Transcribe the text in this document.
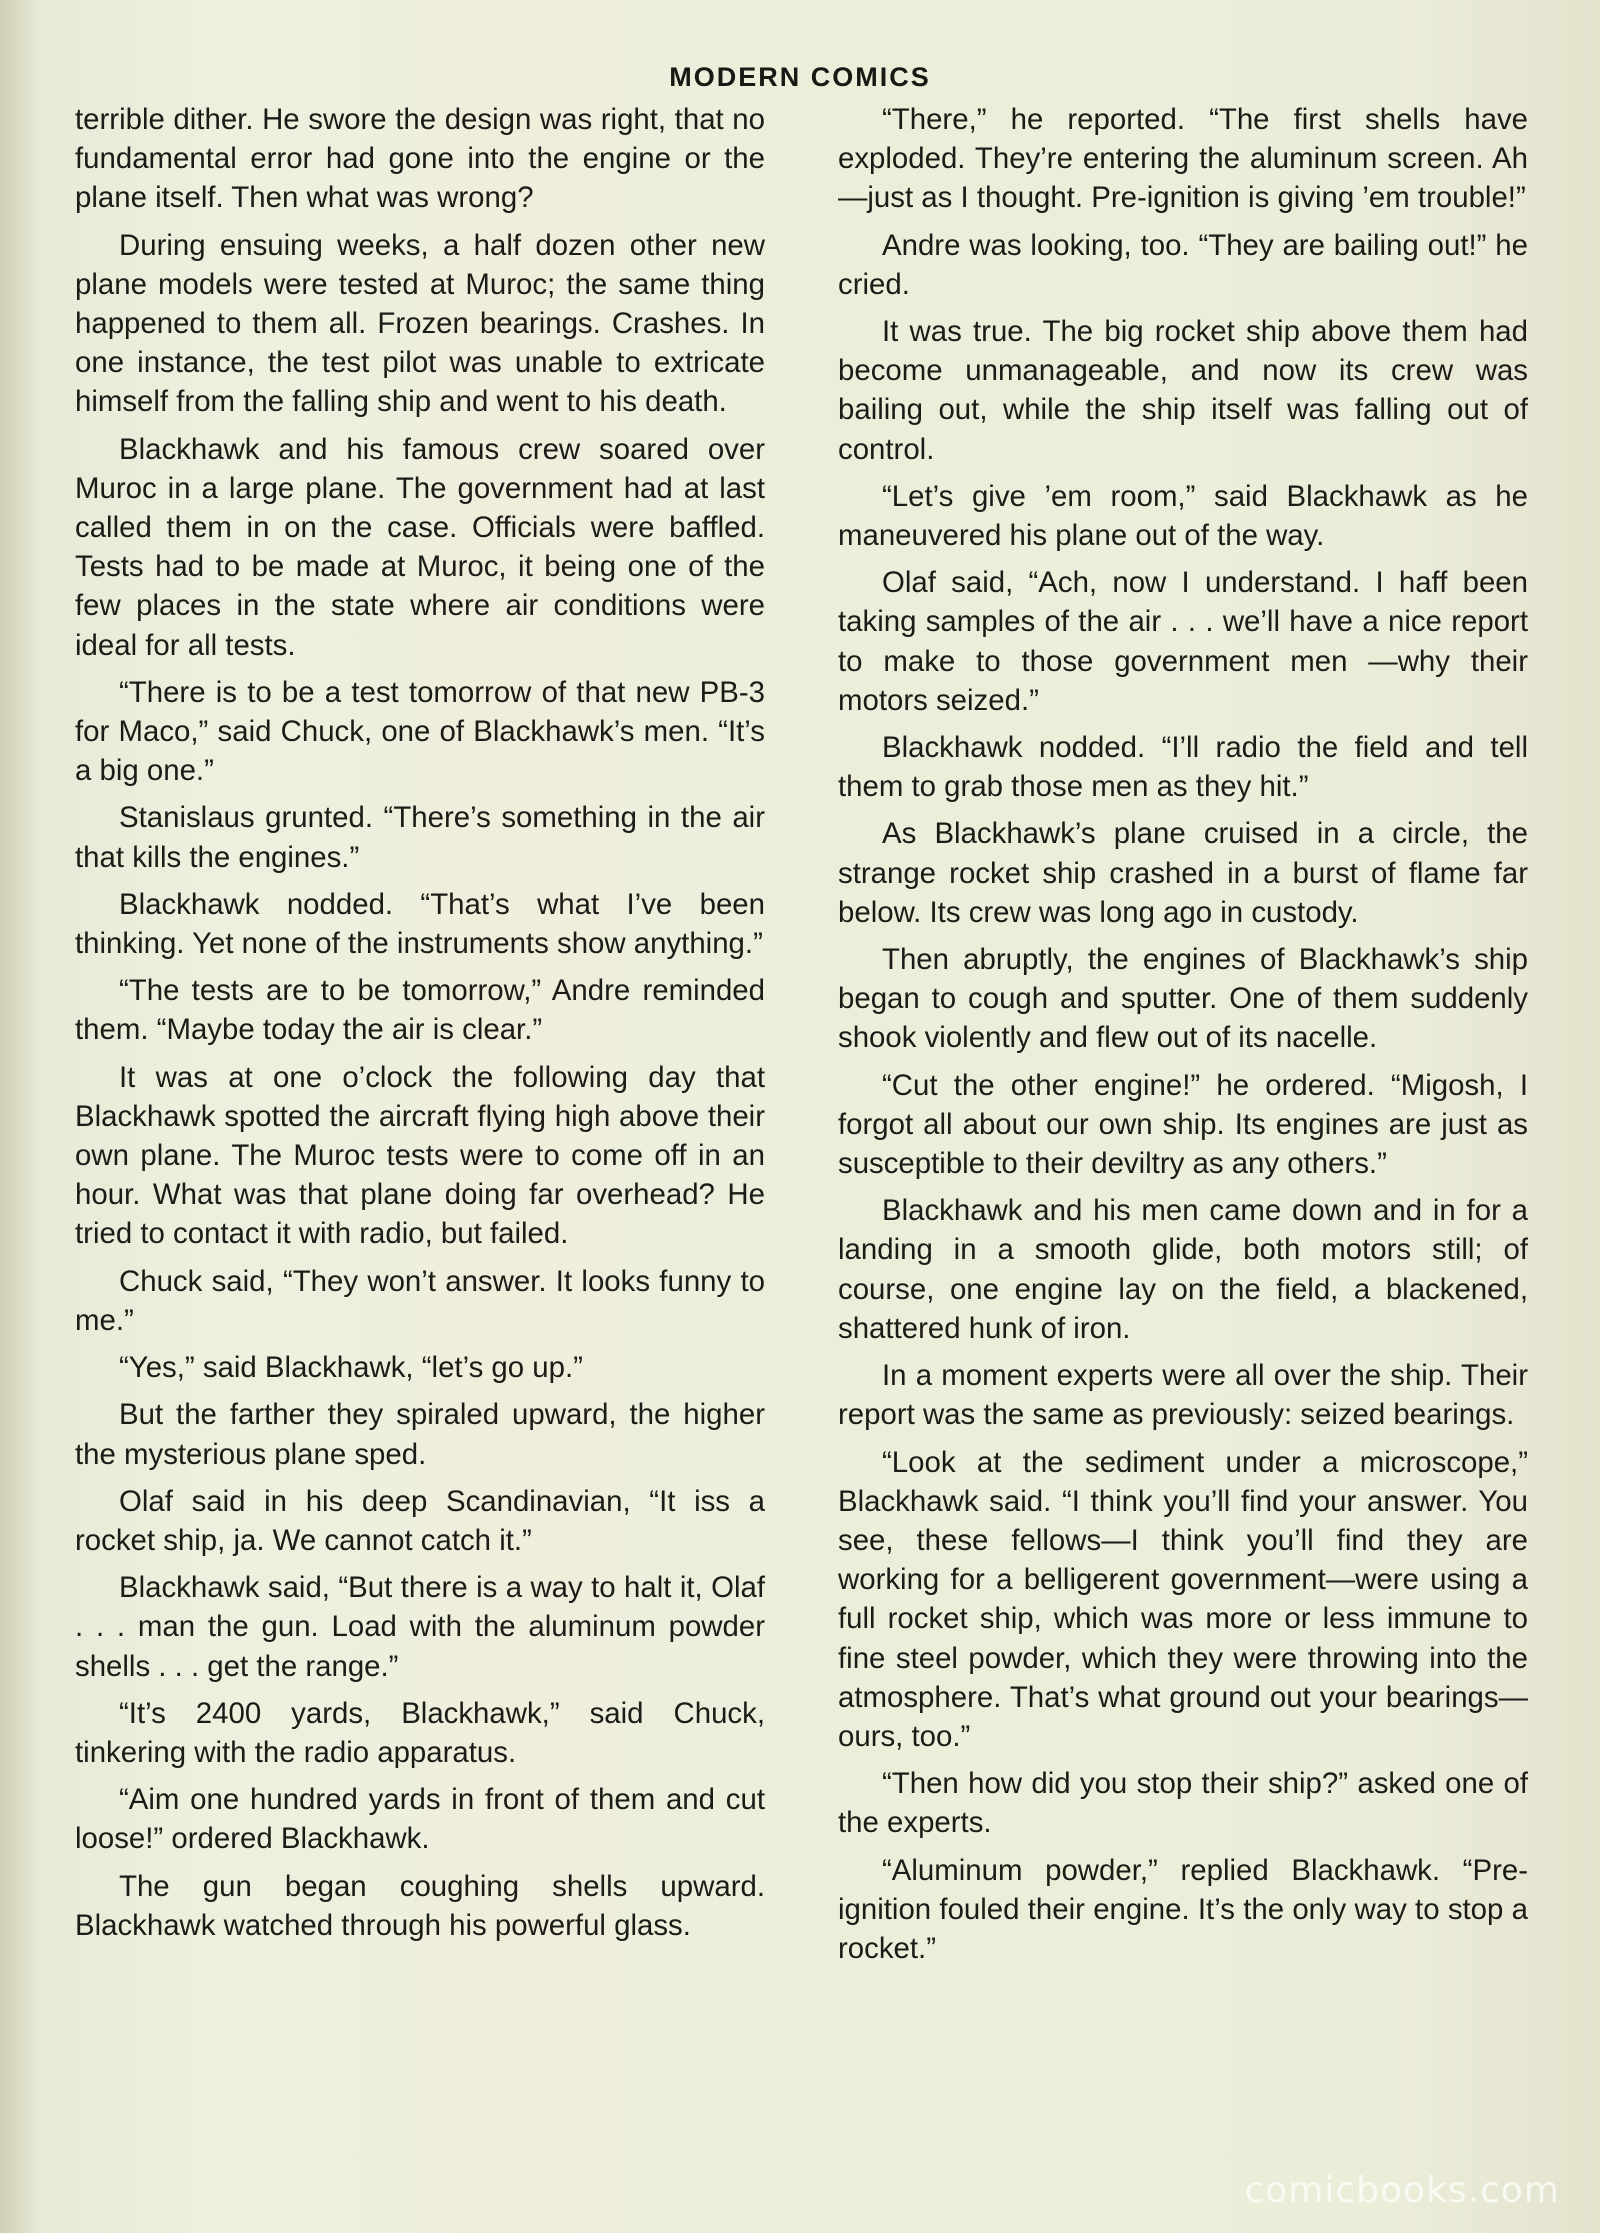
MODERN COMICS

terrible dither. He swore the design was right, that no fundamental error had gone into the engine or the plane itself. Then what was wrong?

During ensuing weeks, a half dozen other new plane models were tested at Muroc; the same thing happened to them all. Frozen bearings. Crashes. In one instance, the test pilot was unable to extricate himself from the falling ship and went to his death.

Blackhawk and his famous crew soared over Muroc in a large plane. The government had at last called them in on the case. Officials were baffled. Tests had to be made at Muroc, it being one of the few places in the state where air conditions were ideal for all tests.

“There is to be a test tomorrow of that new PB-3 for Maco,” said Chuck, one of Blackhawk’s men. “It’s a big one.”

Stanislaus grunted. “There’s something in the air that kills the engines.”

Blackhawk nodded. “That’s what I’ve been thinking. Yet none of the instruments show anything.”

“The tests are to be tomorrow,” Andre reminded them. “Maybe today the air is clear.”

It was at one o’clock the following day that Blackhawk spotted the aircraft flying high above their own plane. The Muroc tests were to come off in an hour. What was that plane doing far overhead? He tried to contact it with radio, but failed.

Chuck said, “They won’t answer. It looks funny to me.”

“Yes,” said Blackhawk, “let’s go up.”

But the farther they spiraled upward, the higher the mysterious plane sped.

Olaf said in his deep Scandinavian, “It iss a rocket ship, ja. We cannot catch it.”

Blackhawk said, “But there is a way to halt it, Olaf . . . man the gun. Load with the aluminum powder shells . . . get the range.”

“It’s 2400 yards, Blackhawk,” said Chuck, tinkering with the radio apparatus.

“Aim one hundred yards in front of them and cut loose!” ordered Blackhawk.

The gun began coughing shells upward. Blackhawk watched through his powerful glass.

“There,” he reported. “The first shells have exploded. They’re entering the aluminum screen. Ah—just as I thought. Pre-ignition is giving ’em trouble!”

Andre was looking, too. “They are bailing out!” he cried.

It was true. The big rocket ship above them had become unmanageable, and now its crew was bailing out, while the ship itself was falling out of control.

“Let’s give ’em room,” said Blackhawk as he maneuvered his plane out of the way.

Olaf said, “Ach, now I understand. I haff been taking samples of the air . . . we’ll have a nice report to make to those government men —why their motors seized.”

Blackhawk nodded. “I’ll radio the field and tell them to grab those men as they hit.”

As Blackhawk’s plane cruised in a circle, the strange rocket ship crashed in a burst of flame far below. Its crew was long ago in custody.

Then abruptly, the engines of Blackhawk’s ship began to cough and sputter. One of them suddenly shook violently and flew out of its nacelle.

“Cut the other engine!” he ordered. “Migosh, I forgot all about our own ship. Its engines are just as susceptible to their deviltry as any others.”

Blackhawk and his men came down and in for a landing in a smooth glide, both motors still; of course, one engine lay on the field, a blackened, shattered hunk of iron.

In a moment experts were all over the ship. Their report was the same as previously: seized bearings.

“Look at the sediment under a microscope,” Blackhawk said. “I think you’ll find your answer. You see, these fellows—I think you’ll find they are working for a belligerent government—were using a full rocket ship, which was more or less immune to fine steel powder, which they were throwing into the atmosphere. That’s what ground out your bearings—ours, too.”

“Then how did you stop their ship?” asked one of the experts.

“Aluminum powder,” replied Blackhawk. “Pre-ignition fouled their engine. It’s the only way to stop a rocket.”

comicbooks.com
